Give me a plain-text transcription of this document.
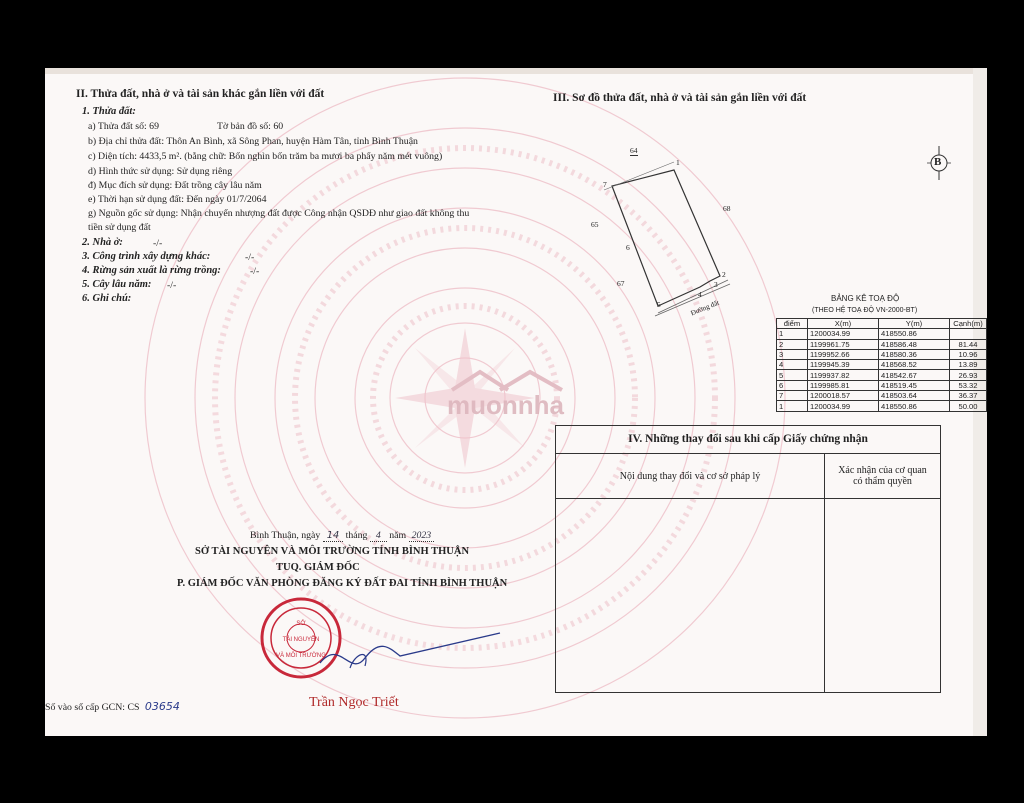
muonnha
II. Thửa đất, nhà ở và tài sản khác gắn liền với đất
1. Thửa đất:
a) Thửa đất số: 69	Tờ bản đồ số: 60
b) Địa chỉ thửa đất: Thôn An Bình, xã Sông Phan, huyện Hàm Tân, tỉnh Bình Thuận
c) Diện tích: 4433,5 m². (bằng chữ: Bốn nghìn bốn trăm ba mươi ba phẩy năm mét vuông)
d) Hình thức sử dụng: Sử dụng riêng
đ) Mục đích sử dụng: Đất trồng cây lâu năm
e) Thời hạn sử dụng đất: Đến ngày 01/7/2064
g) Nguồn gốc sử dụng: Nhận chuyển nhượng đất được Công nhận QSDĐ như giao đất không thu
tiền sử dụng đất
2. Nhà ở:	-/-
3. Công trình xây dựng khác:	-/-
4. Rừng sản xuất là rừng trồng:	-/-
5. Cây lâu năm: -/-
6. Ghi chú:
III. Sơ đồ thửa đất, nhà ở và tài sản gắn liền với đất
B
64
68
65
67
1
2
3
4
5
6
7
Đường đất
BẢNG KÊ TOẠ ĐỘ
(THEO HỆ TOẠ ĐỘ VN-2000-BT)
điểm	X(m)	Y(m)	Cạnh(m)
1	1200034.99	418550.86	
2	1199961.75	418586.48	81.44
3	1199952.66	418580.36	10.96
4	1199945.39	418568.52	13.89
5	1199937.82	418542.67	26.93
6	1199985.81	418519.45	53.32
7	1200018.57	418503.64	36.37
1	1200034.99	418550.86	50.00
IV. Những thay đổi sau khi cấp Giấy chứng nhận
Nội dung thay đổi và cơ sở pháp lý	Xác nhận của cơ quan
có thẩm quyền
Bình Thuận, ngày 14 tháng 4 năm 2023
SỞ TÀI NGUYÊN VÀ MÔI TRƯỜNG TỈNH BÌNH THUẬN
TUQ. GIÁM ĐỐC
P. GIÁM ĐỐC VĂN PHÒNG ĐĂNG KÝ ĐẤT ĐAI TỈNH BÌNH THUẬN
SỞ
TÀI NGUYÊN
VÀ MÔI TRƯỜNG
Trần Ngọc Triết
Số vào sổ cấp GCN: CS 03654
